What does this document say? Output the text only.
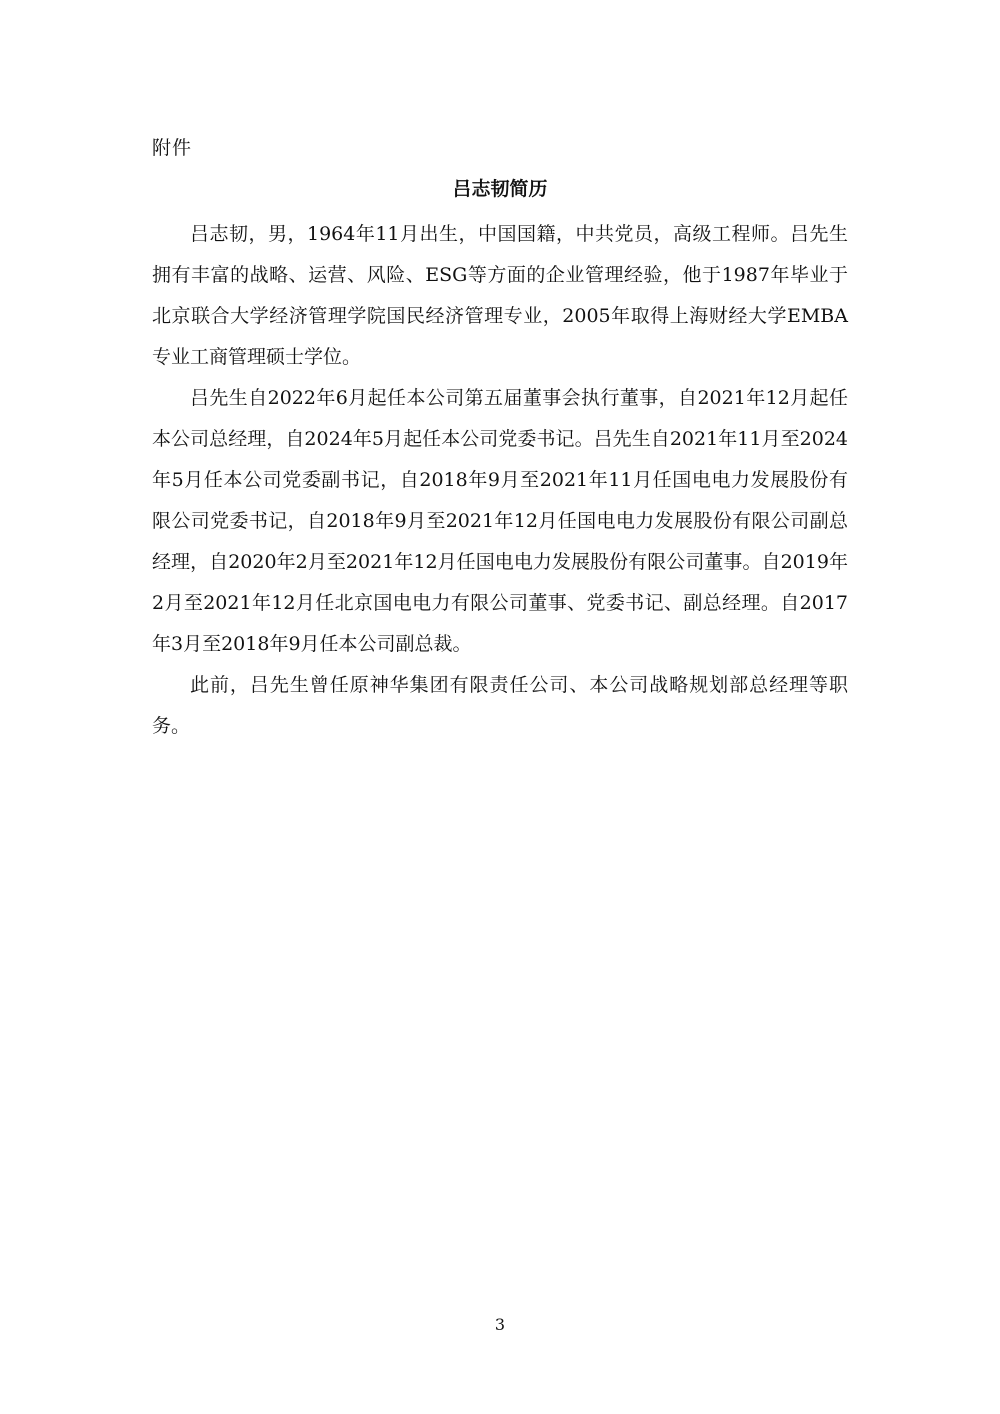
附件
吕志韧简历

吕志韧，男，1964年11月出生，中国国籍，中共党员，高级工程师。吕先生拥有丰富的战略、运营、风险、ESG等方面的企业管理经验，他于1987年毕业于北京联合大学经济管理学院国民经济管理专业，2005年取得上海财经大学EMBA专业工商管理硕士学位。

吕先生自2022年6月起任本公司第五届董事会执行董事，自2021年12月起任本公司总经理，自2024年5月起任本公司党委书记。吕先生自2021年11月至2024年5月任本公司党委副书记，自2018年9月至2021年11月任国电电力发展股份有限公司党委书记，自2018年9月至2021年12月任国电电力发展股份有限公司副总经理，自2020年2月至2021年12月任国电电力发展股份有限公司董事。自2019年2月至2021年12月任北京国电电力有限公司董事、党委书记、副总经理。自2017年3月至2018年9月任本公司副总裁。

此前，吕先生曾任原神华集团有限责任公司、本公司战略规划部总经理等职务。

3
